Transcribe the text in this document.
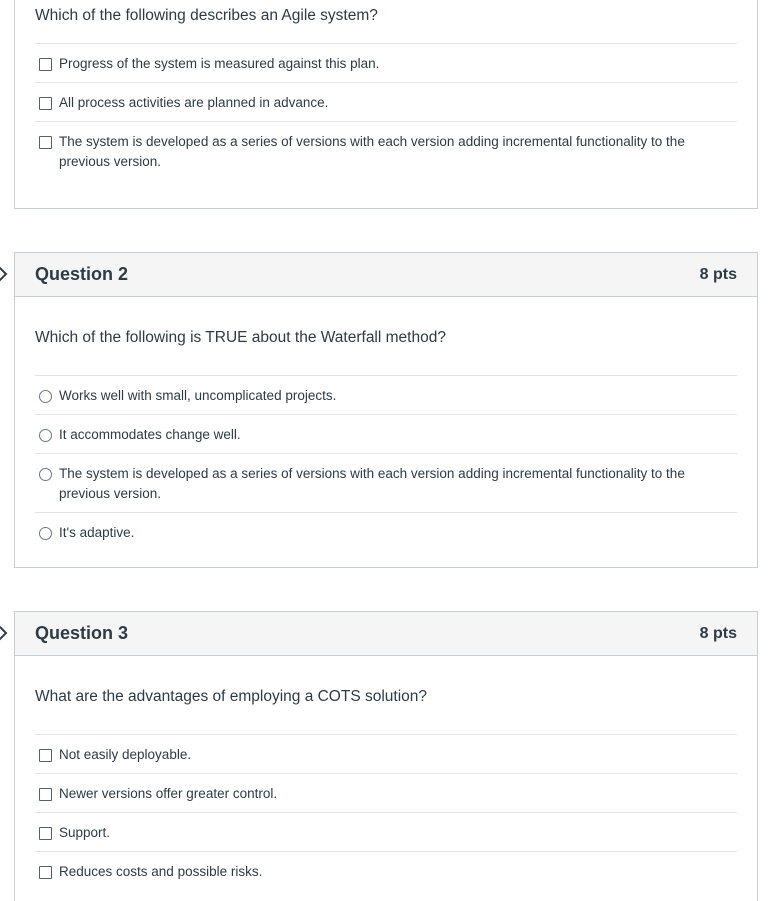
Which of the following describes an Agile system?
Progress of the system is measured against this plan.
All process activities are planned in advance.
The system is developed as a series of versions with each version adding incremental functionality to the previous version.
Question 2	8 pts
Which of the following is TRUE about the Waterfall method?
Works well with small, uncomplicated projects.
It accommodates change well.
The system is developed as a series of versions with each version adding incremental functionality to the previous version.
It's adaptive.
Question 3	8 pts
What are the advantages of employing a COTS solution?
Not easily deployable.
Newer versions offer greater control.
Support.
Reduces costs and possible risks.
